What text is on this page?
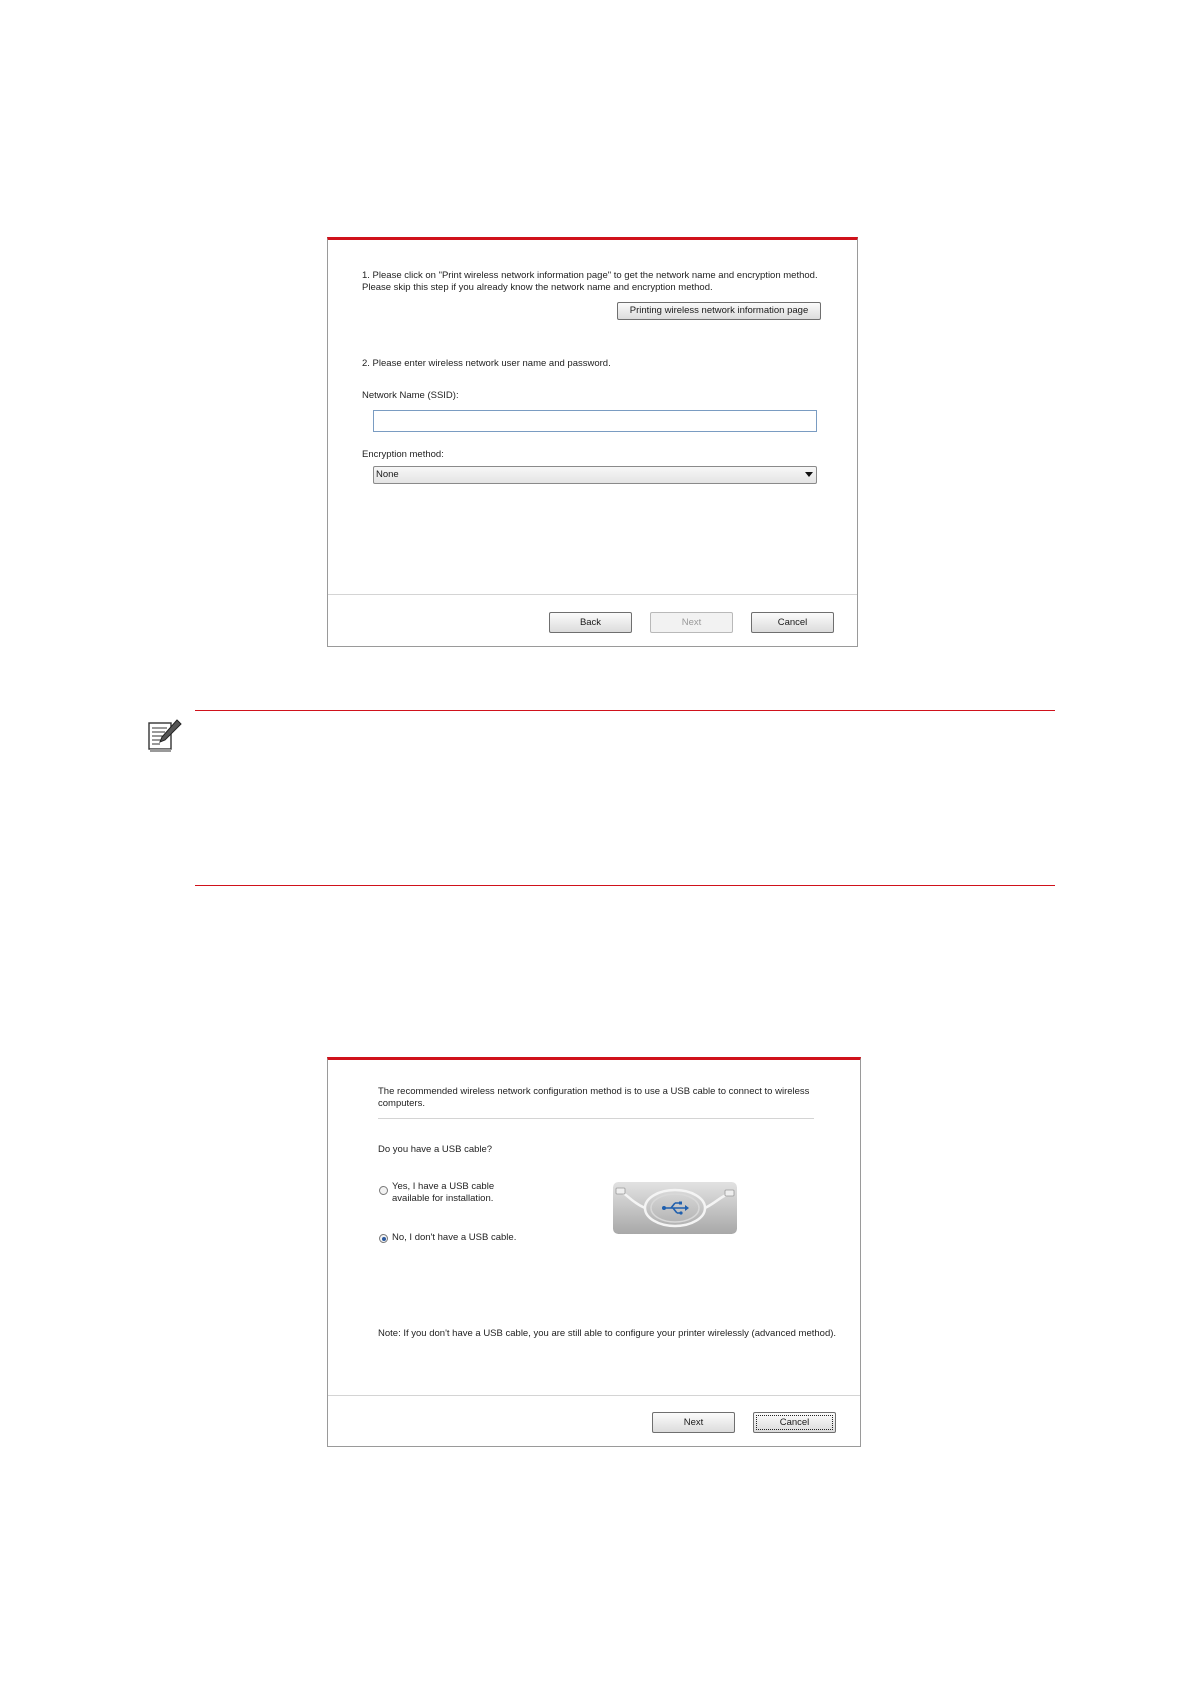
1. Please click on "Print wireless network information page" to get the network name and encryption method. Please skip this step if you already know the network name and encryption method.
Printing wireless network information page
2. Please enter wireless network user name and password.
Network Name (SSID):
Encryption method:
None
Back	Next	Cancel
The recommended wireless network configuration method is to use a USB cable to connect to wireless computers.
Do you have a USB cable?
Yes, I have a USB cable available for installation.
No, I don't have a USB cable.
Note: If you don't have a USB cable, you are still able to configure your printer wirelessly (advanced method).
Next	Cancel
